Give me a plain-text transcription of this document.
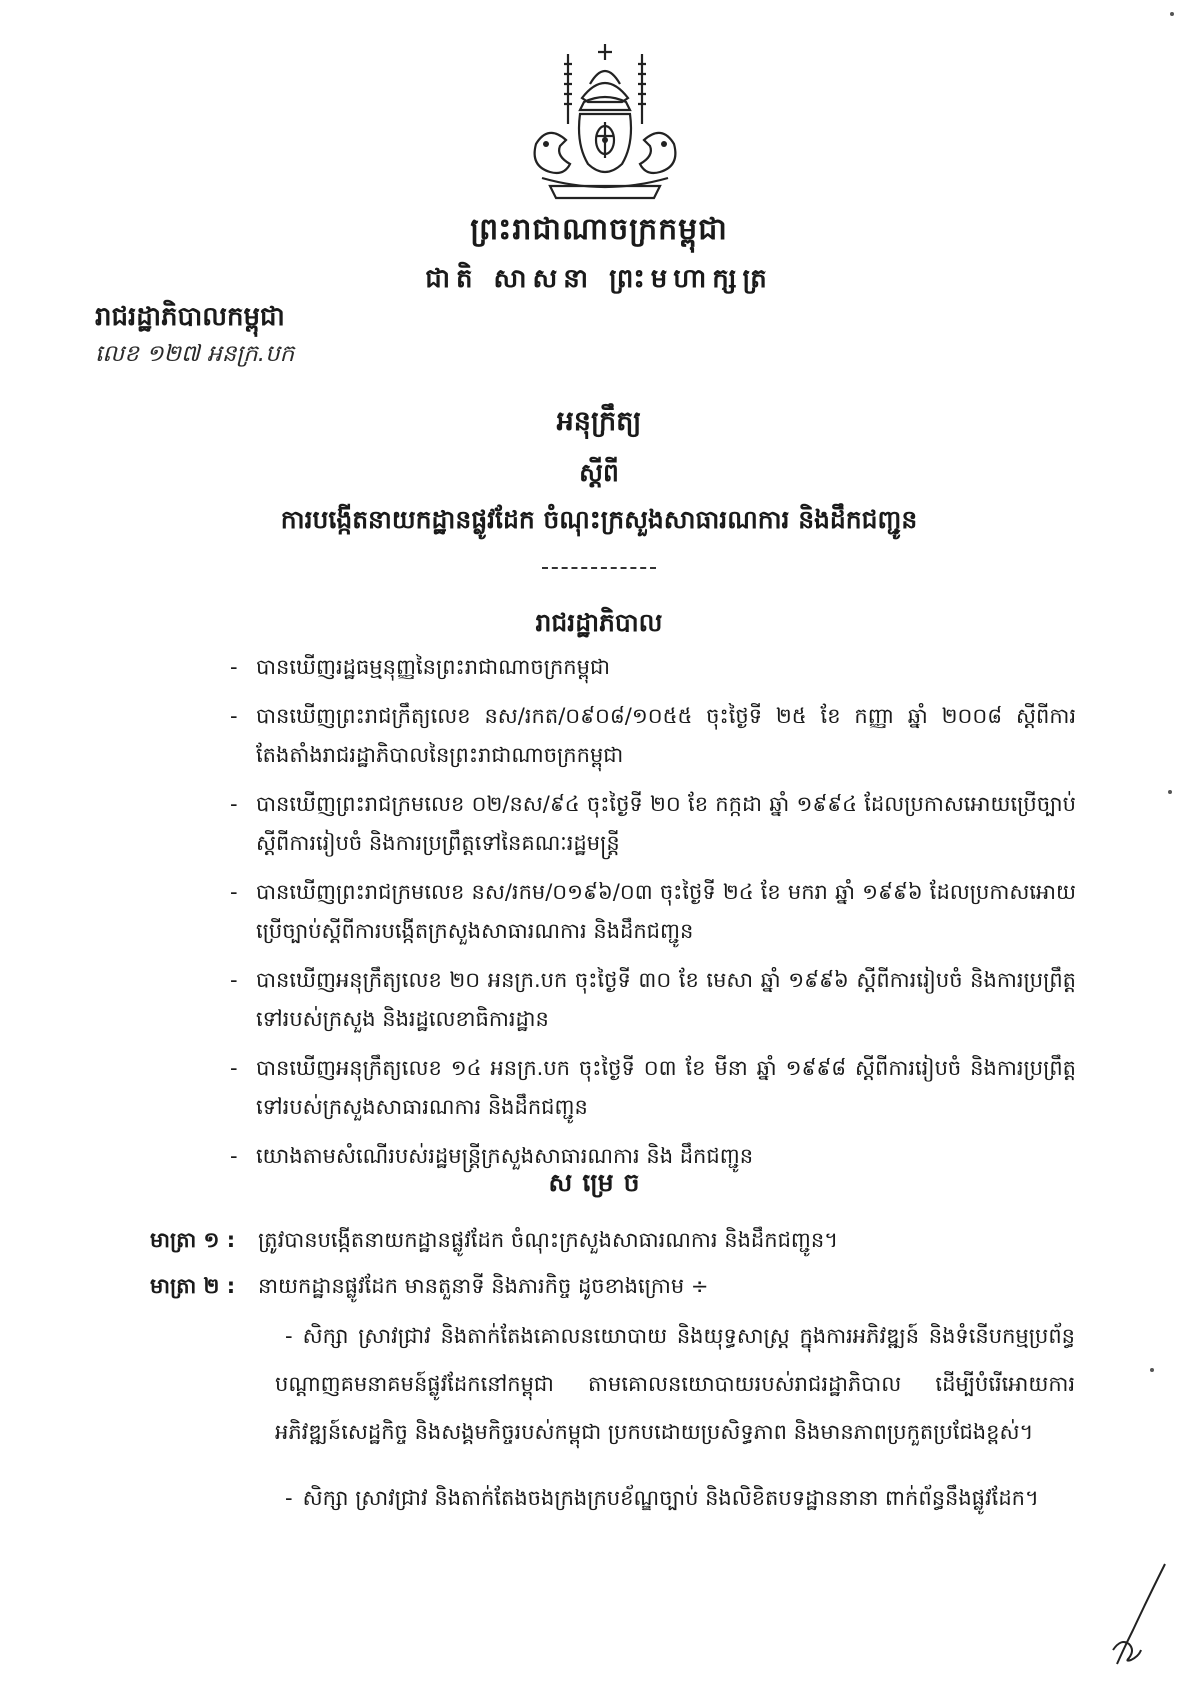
ព្រះរាជាណាចក្រកម្ពុជា
ជាតិ សាសនា ព្រះមហាក្សត្រ
រាជរដ្ឋាភិបាលកម្ពុជា
លេខ ១២៧ អនក្រ.បក
អនុក្រឹត្យ
ស្តីពី
ការបង្កើតនាយកដ្ឋានផ្លូវដែក ចំណុះក្រសួងសាធារណការ និងដឹកជញ្ជូន
រាជរដ្ឋាភិបាល
- បានឃើញរដ្ឋធម្មនុញ្ញនៃព្រះរាជាណាចក្រកម្ពុជា
- បានឃើញព្រះរាជក្រឹត្យលេខ នស/រកត/០៩០៨/១០៥៥ ចុះថ្ងៃទី ២៥ ខែ កញ្ញា ឆ្នាំ ២០០៨ ស្តីពីការតែងតាំងរាជរដ្ឋាភិបាលនៃព្រះរាជាណាចក្រកម្ពុជា
- បានឃើញព្រះរាជក្រមលេខ ០២/នស/៩៤ ចុះថ្ងៃទី ២០ ខែ កក្កដា ឆ្នាំ ១៩៩៤ ដែលប្រកាសអោយប្រើច្បាប់ស្តីពីការរៀបចំ និងការប្រព្រឹត្តទៅនៃគណៈរដ្ឋមន្ត្រី
- បានឃើញព្រះរាជក្រមលេខ នស/រកម/០១៩៦/០៣ ចុះថ្ងៃទី ២៤ ខែ មករា ឆ្នាំ ១៩៩៦ ដែលប្រកាសអោយប្រើច្បាប់ស្តីពីការបង្កើតក្រសួងសាធារណការ និងដឹកជញ្ជូន
- បានឃើញអនុក្រឹត្យលេខ ២០ អនក្រ.បក ចុះថ្ងៃទី ៣០ ខែ មេសា ឆ្នាំ ១៩៩៦ ស្តីពីការរៀបចំ និងការប្រព្រឹត្តទៅរបស់ក្រសួង និងរដ្ឋលេខាធិការដ្ឋាន
- បានឃើញអនុក្រឹត្យលេខ ១៤ អនក្រ.បក ចុះថ្ងៃទី ០៣ ខែ មីនា ឆ្នាំ ១៩៩៨ ស្តីពីការរៀបចំ និងការប្រព្រឹត្តទៅរបស់ក្រសួងសាធារណការ និងដឹកជញ្ជូន
- យោងតាមសំណើរបស់រដ្ឋមន្ត្រីក្រសួងសាធារណការ និង ដឹកជញ្ជូន
សម្រេច
មាត្រា ១ : ត្រូវបានបង្កើតនាយកដ្ឋានផ្លូវដែក ចំណុះក្រសួងសាធារណការ និងដឹកជញ្ជូន។
មាត្រា ២ : នាយកដ្ឋានផ្លូវដែក មានតួនាទី និងភារកិច្ច ដូចខាងក្រោម ÷
- សិក្សា ស្រាវជ្រាវ និងតាក់តែងគោលនយោបាយ និងយុទ្ធសាស្ត្រ ក្នុងការអភិវឌ្ឍន៍ និងទំនើបកម្មប្រព័ន្ធបណ្តាញគមនាគមន៍ផ្លូវដែកនៅកម្ពុជា តាមគោលនយោបាយរបស់រាជរដ្ឋាភិបាល ដើម្បីបំរើអោយការអភិវឌ្ឍន៍សេដ្ឋកិច្ច និងសង្គមកិច្ចរបស់កម្ពុជា ប្រកបដោយប្រសិទ្ធភាព និងមានភាពប្រកួតប្រជែងខ្ពស់។
- សិក្សា ស្រាវជ្រាវ និងតាក់តែងចងក្រងក្របខ័ណ្ឌច្បាប់ និងលិខិតបទដ្ឋាននានា ពាក់ព័ន្ធនឹងផ្លូវដែក។
